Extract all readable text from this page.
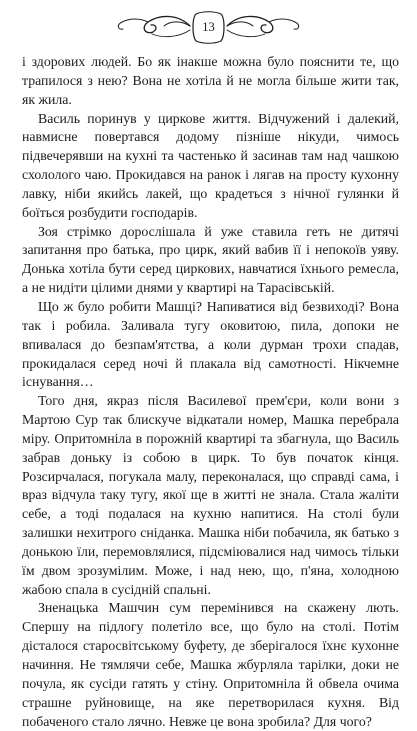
13

і здорових людей. Бо як інакше можна було пояснити те, що трапилося з нею? Вона не хотіла й не могла більше жити так, як жила.

Василь поринув у циркове життя. Відчужений і далекий, навмисне повертався додому пізніше нікуди, чимось підвечерявши на кухні та частенько й засинав там над чашкою схололого чаю. Прокидався на ранок і лягав на просту кухонну лавку, ніби якийсь лакей, що крадеться з нічної гулянки й боїться розбудити господарів.

Зоя стрімко дорослішала й уже ставила геть не дитячі запитання про батька, про цирк, який вабив її і непокоїв уяву. Донька хотіла бути серед циркових, навчатися їхнього ремесла, а не нидіти цілими днями у квартирі на Тарасівській.

Що ж було робити Машці? Напиватися від безвиході? Вона так і робила. Заливала тугу оковитою, пила, допоки не впивалася до безпам'ятства, а коли дурман трохи спадав, прокидалася серед ночі й плакала від самотності. Нікчемне існування…

Того дня, якраз після Василевої прем'єри, коли вони з Мартою Сур так блискуче відкатали номер, Машка перебрала міру. Опритомніла в порожній квартирі та збагнула, що Василь забрав доньку із собою в цирк. То був початок кінця. Розсирчалася, погукала малу, переконалася, що справді сама, і враз відчула таку тугу, якої ще в житті не знала. Стала жаліти себе, а тоді подалася на кухню напитися. На столі були залишки нехитрого сніданка. Машка ніби побачила, як батько з донькою їли, перемовлялися, підсміювалися над чимось тільки їм двом зрозумілим. Може, і над нею, що, п'яна, холодною жабою спала в сусідній спальні.

Зненацька Машчин сум перемінився на скажену лють. Спершу на підлогу полетіло все, що було на столі. Потім дісталося старосвітському буфету, де зберігалося їхнє кухонне начиння. Не тямлячи себе, Машка жбурляла тарілки, доки не почула, як сусіди гатять у стіну. Опритомніла й обвела очима страшне руйновище, на яке перетворилася кухня. Від побаченого стало лячно. Невже це вона зробила? Для чого?
